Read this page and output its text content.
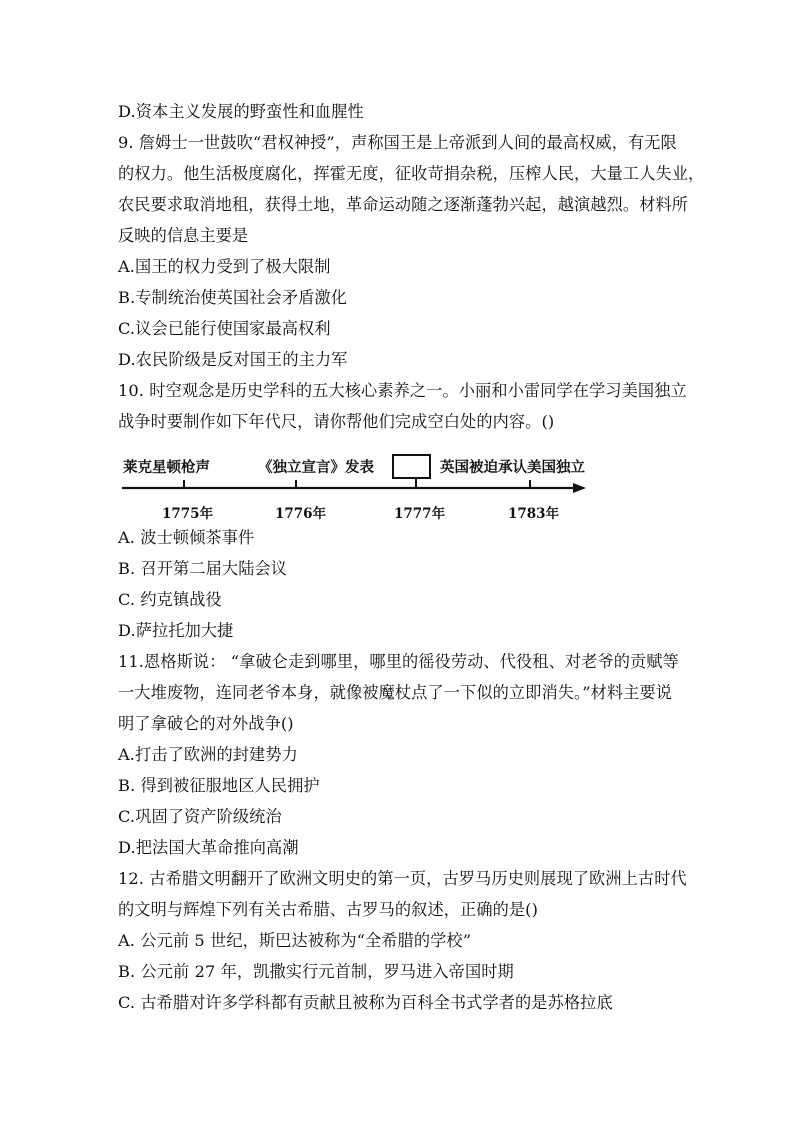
D.资本主义发展的野蛮性和血腥性
9. 詹姆士一世鼓吹“君权神授”，声称国王是上帝派到人间的最高权威，有无限
的权力。他生活极度腐化，挥霍无度，征收苛捐杂税，压榨人民，大量工人失业，
农民要求取消地租，获得土地，革命运动随之逐渐蓬勃兴起，越演越烈。材料所
反映的信息主要是
A.国王的权力受到了极大限制
B.专制统治使英国社会矛盾激化
C.议会已能行使国家最高权利
D.农民阶级是反对国王的主力军
10. 时空观念是历史学科的五大核心素养之一。小丽和小雷同学在学习美国独立
战争时要制作如下年代尺，请你帮他们完成空白处的内容。()
莱克星顿枪声	《独立宣言》发表	英国被迫承认美国独立
1775年	1776年	1777年	1783年
A. 波士顿倾茶事件
B. 召开第二届大陆会议
C. 约克镇战役
D.萨拉托加大捷
11.恩格斯说： “拿破仑走到哪里，哪里的徭役劳动、代役租、对老爷的贡赋等
一大堆废物，连同老爷本身，就像被魔杖点了一下似的立即消失。”材料主要说
明了拿破仑的对外战争()
A.打击了欧洲的封建势力
B. 得到被征服地区人民拥护
C.巩固了资产阶级统治
D.把法国大革命推向高潮
12. 古希腊文明翻开了欧洲文明史的第一页，古罗马历史则展现了欧洲上古时代
的文明与辉煌下列有关古希腊、古罗马的叙述，正确的是()
A. 公元前 5 世纪，斯巴达被称为“全希腊的学校”
B. 公元前 27 年，凯撒实行元首制，罗马进入帝国时期
C. 古希腊对许多学科都有贡献且被称为百科全书式学者的是苏格拉底
